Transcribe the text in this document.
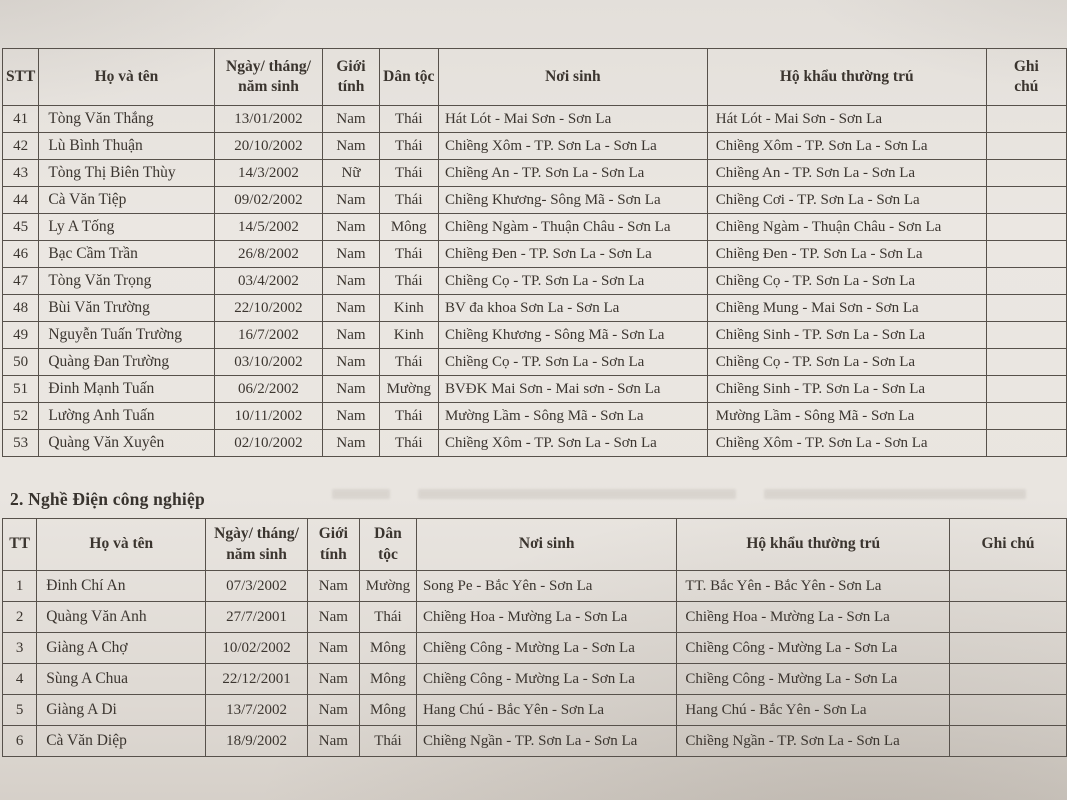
STT	Họ và tên	Ngày/ tháng/ năm sinh	Giới tính	Dân tộc	Nơi sinh	Hộ khẩu thường trú	Ghi chú
41	Tòng Văn Thắng	13/01/2002	Nam	Thái	Hát Lót - Mai Sơn - Sơn La	Hát Lót - Mai Sơn - Sơn La	
42	Lù Bình Thuận	20/10/2002	Nam	Thái	Chiềng Xôm - TP. Sơn La - Sơn La	Chiềng Xôm - TP. Sơn La - Sơn La	
43	Tòng Thị Biên Thùy	14/3/2002	Nữ	Thái	Chiềng An - TP. Sơn La - Sơn La	Chiềng An - TP. Sơn La - Sơn La	
44	Cà Văn Tiệp	09/02/2002	Nam	Thái	Chiềng Khương- Sông Mã - Sơn La	Chiềng Cơi - TP. Sơn La - Sơn La	
45	Ly A Tống	14/5/2002	Nam	Mông	Chiềng Ngàm - Thuận Châu - Sơn La	Chiềng Ngàm - Thuận Châu - Sơn La	
46	Bạc Cầm Trần	26/8/2002	Nam	Thái	Chiềng Đen - TP. Sơn La - Sơn La	Chiềng Đen - TP. Sơn La - Sơn La	
47	Tòng Văn Trọng	03/4/2002	Nam	Thái	Chiềng Cọ - TP. Sơn La - Sơn La	Chiềng Cọ - TP. Sơn La - Sơn La	
48	Bùi Văn Trường	22/10/2002	Nam	Kinh	BV đa khoa Sơn La - Sơn La	Chiềng Mung - Mai Sơn - Sơn La	
49	Nguyễn Tuấn Trường	16/7/2002	Nam	Kinh	Chiềng Khương - Sông Mã - Sơn La	Chiềng Sinh - TP. Sơn La - Sơn La	
50	Quàng Đan Trường	03/10/2002	Nam	Thái	Chiềng Cọ - TP. Sơn La - Sơn La	Chiềng Cọ - TP. Sơn La - Sơn La	
51	Đinh Mạnh Tuấn	06/2/2002	Nam	Mường	BVĐK Mai Sơn - Mai sơn - Sơn La	Chiềng Sinh - TP. Sơn La - Sơn La	
52	Lường Anh Tuấn	10/11/2002	Nam	Thái	Mường Lầm - Sông Mã - Sơn La	Mường Lầm - Sông Mã - Sơn La	
53	Quàng Văn Xuyên	02/10/2002	Nam	Thái	Chiềng Xôm - TP. Sơn La - Sơn La	Chiềng Xôm - TP. Sơn La - Sơn La	
2. Nghề Điện công nghiệp
TT	Họ và tên	Ngày/ tháng/ năm sinh	Giới tính	Dân tộc	Nơi sinh	Hộ khẩu thường trú	Ghi chú
1	Đinh Chí An	07/3/2002	Nam	Mường	Song Pe - Bắc Yên - Sơn La	TT. Bắc Yên - Bắc Yên - Sơn La	
2	Quàng Văn Anh	27/7/2001	Nam	Thái	Chiềng Hoa - Mường La - Sơn La	Chiềng Hoa - Mường La - Sơn La	
3	Giàng A Chợ	10/02/2002	Nam	Mông	Chiềng Công - Mường La - Sơn La	Chiềng Công - Mường La - Sơn La	
4	Sùng A Chua	22/12/2001	Nam	Mông	Chiềng Công - Mường La - Sơn La	Chiềng Công - Mường La - Sơn La	
5	Giàng A Di	13/7/2002	Nam	Mông	Hang Chú - Bắc Yên - Sơn La	Hang Chú - Bắc Yên - Sơn La	
6	Cà Văn Diệp	18/9/2002	Nam	Thái	Chiềng Ngần - TP. Sơn La - Sơn La	Chiềng Ngần - TP. Sơn La - Sơn La	
